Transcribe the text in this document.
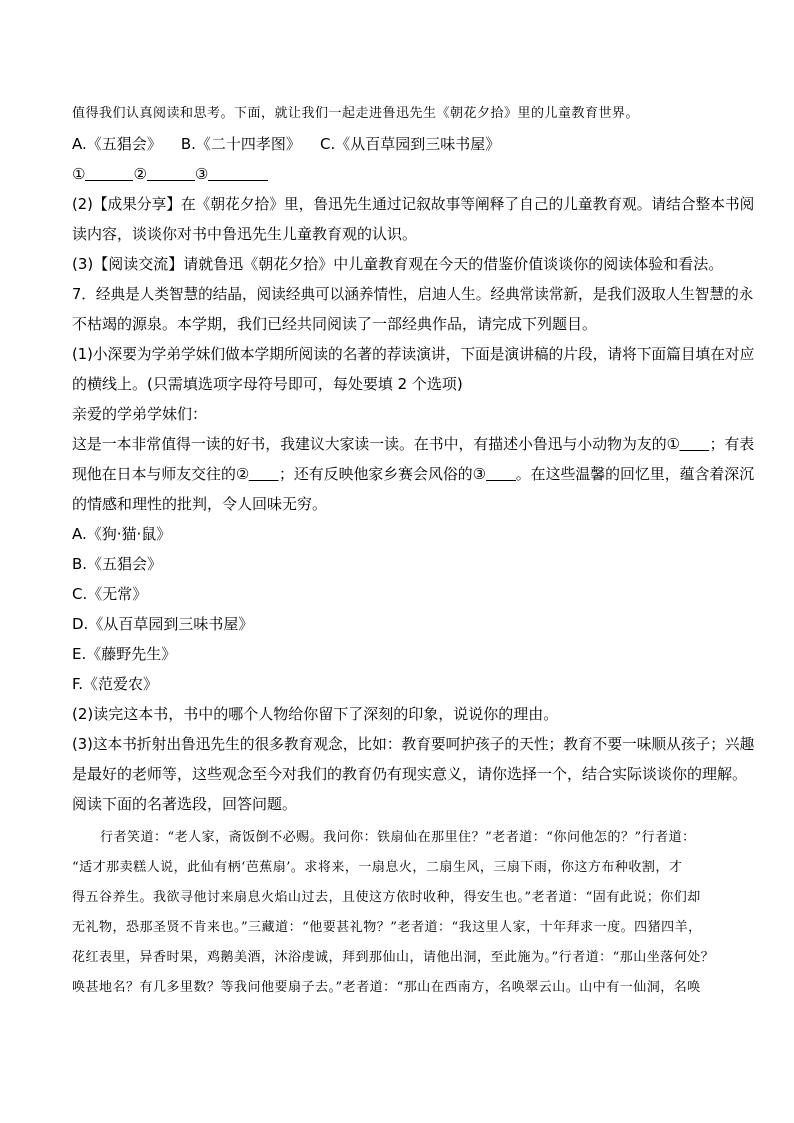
值得我们认真阅读和思考。下面，就让我们一起走进鲁迅先生《朝花夕拾》里的儿童教育世界。
A.《五猖会》    B.《二十四孝图》    C.《从百草园到三味书屋》
①	②	③
(2)【成果分享】在《朝花夕拾》里，鲁迅先生通过记叙故事等阐释了自己的儿童教育观。请结合整本书阅
读内容，谈谈你对书中鲁迅先生儿童教育观的认识。
(3)【阅读交流】请就鲁迅《朝花夕拾》中儿童教育观在今天的借鉴价值谈谈你的阅读体验和看法。
7．经典是人类智慧的结晶，阅读经典可以涵养情性，启迪人生。经典常读常新，是我们汲取人生智慧的永
不枯竭的源泉。本学期，我们已经共同阅读了一部经典作品，请完成下列题目。
(1)小深要为学弟学妹们做本学期所阅读的名著的荐读演讲，下面是演讲稿的片段，请将下面篇目填在对应
的横线上。(只需填选项字母符号即可，每处要填 2 个选项)
亲爱的学弟学妹们：
这是一本非常值得一读的好书，我建议大家读一读。在书中，有描述小鲁迅与小动物为友的① ；有表
现他在日本与师友交往的② ；还有反映他家乡赛会风俗的③ 。在这些温馨的回忆里，蕴含着深沉
的情感和理性的批判，令人回味无穷。
A.《狗·猫·鼠》
B.《五猖会》
C.《无常》
D.《从百草园到三味书屋》
E.《藤野先生》
F.《范爱农》
(2)读完这本书，书中的哪个人物给你留下了深刻的印象，说说你的理由。
(3)这本书折射出鲁迅先生的很多教育观念，比如：教育要呵护孩子的天性；教育不要一味顺从孩子；兴趣
是最好的老师等，这些观念至今对我们的教育仍有现实意义，请你选择一个，结合实际谈谈你的理解。
阅读下面的名著选段，回答问题。
行者笑道：“老人家，斋饭倒不必赐。我问你：铁扇仙在那里住？”老者道：“你问他怎的？”行者道：
“适才那卖糕人说，此仙有柄‘芭蕉扇’。求将来，一扇息火，二扇生风，三扇下雨，你这方布种收割，才
得五谷养生。我欲寻他讨来扇息火焰山过去，且使这方依时收种，得安生也。”老者道：“固有此说；你们却
无礼物，恐那圣贤不肯来也。”三藏道：“他要甚礼物？”老者道：“我这里人家，十年拜求一度。四猪四羊，
花红表里，异香时果，鸡鹅美酒，沐浴虔诚，拜到那仙山，请他出洞，至此施为。”行者道：“那山坐落何处？
唤甚地名？有几多里数？等我问他要扇子去。”老者道：“那山在西南方，名唤翠云山。山中有一仙洞，名唤
